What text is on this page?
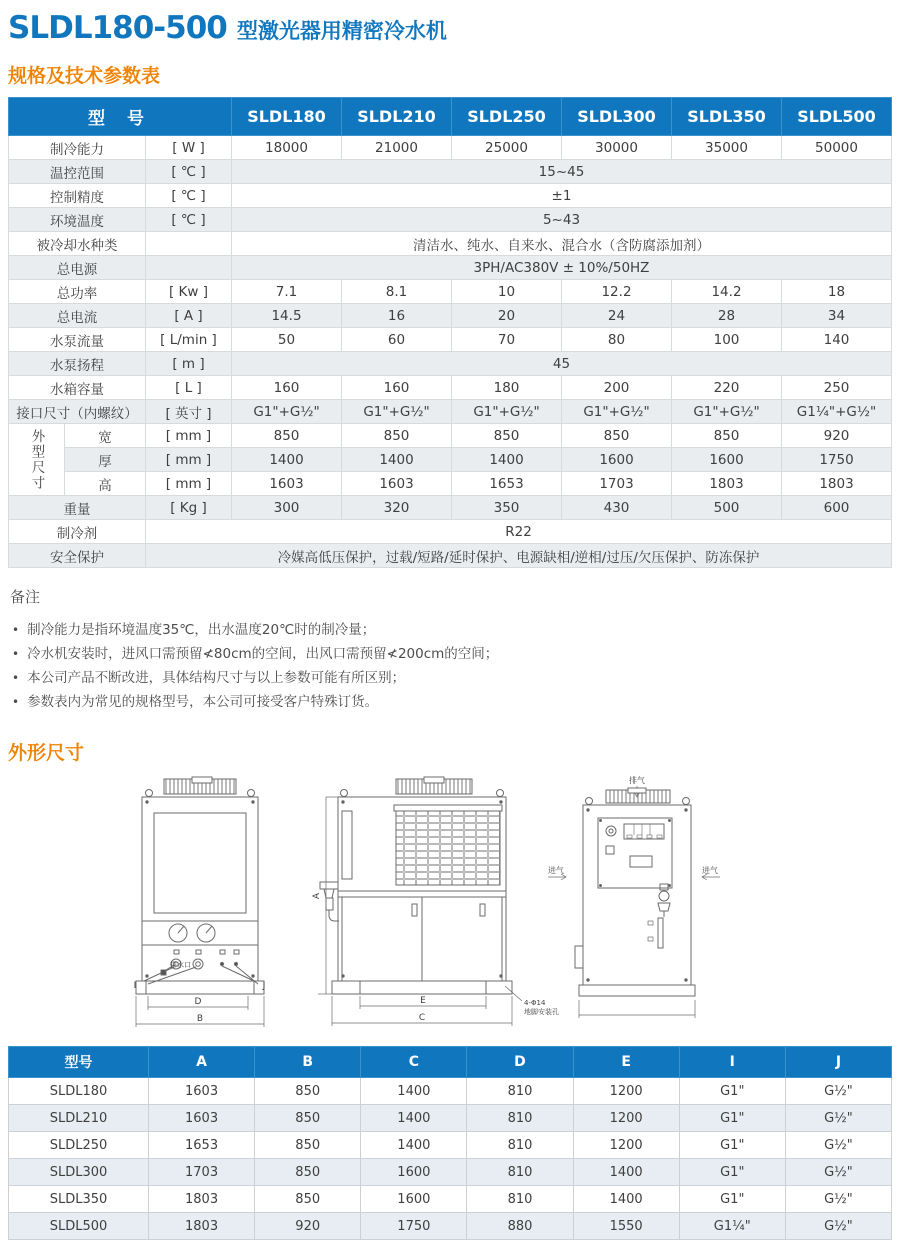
SLDL180-500 型激光器用精密冷水机
规格及技术参数表
型 号			SLDL180	SLDL210	SLDL250	SLDL300	SLDL350	SLDL500
制冷能力		[ W ]	18000	21000	25000	30000	35000	50000
温控范围		[ ℃ ]	15~45					
控制精度		[ ℃ ]	±1					
环境温度		[ ℃ ]	5~43					
被冷却水种类			清洁水、纯水、自来水、混合水（含防腐添加剂）					
总电源			3PH/AC380V ± 10%/50HZ					
总功率		[ Kw ]	7.1	8.1	10	12.2	14.2	18
总电流		[ A ]	14.5	16	20	24	28	34
水泵流量		[ L/min ]	50	60	70	80	100	140
水泵扬程		[ m ]	45					
水箱容量		[ L ]	160	160	180	200	220	250
接口尺寸（内螺纹）		[ 英寸 ]	G1"+G½"	G1"+G½"	G1"+G½"	G1"+G½"	G1"+G½"	G1¼"+G½"
外型尺寸	宽	[ mm ]	850	850	850	850	850	920
	厚	[ mm ]	1400	1400	1400	1600	1600	1750
	高	[ mm ]	1603	1603	1653	1703	1803	1803
重量		[ Kg ]	300	320	350	430	500	600
制冷剂		R22						
安全保护		冷媒高低压保护，过载/短路/延时保护、电源缺相/逆相/过压/欠压保护、防冻保护						
备注
• 制冷能力是指环境温度35℃，出水温度20℃时的制冷量；
• 冷水机安装时，进风口需预留≮80cm的空间，出风口需预留≮200cm的空间；
• 本公司产品不断改进，具体结构尺寸与以上参数可能有所区别；
• 参数表内为常见的规格型号，本公司可接受客户特殊订货。
外形尺寸
I	J
排水口
D
B
A
E
C
4-Φ14
地脚安装孔
排气
进气	进气
型号	A	B	C	D	E	I	J
SLDL180	1603	850	1400	810	1200	G1"	G½"
SLDL210	1603	850	1400	810	1200	G1"	G½"
SLDL250	1653	850	1400	810	1200	G1"	G½"
SLDL300	1703	850	1600	810	1400	G1"	G½"
SLDL350	1803	850	1600	810	1400	G1"	G½"
SLDL500	1803	920	1750	880	1550	G1¼"	G½"
